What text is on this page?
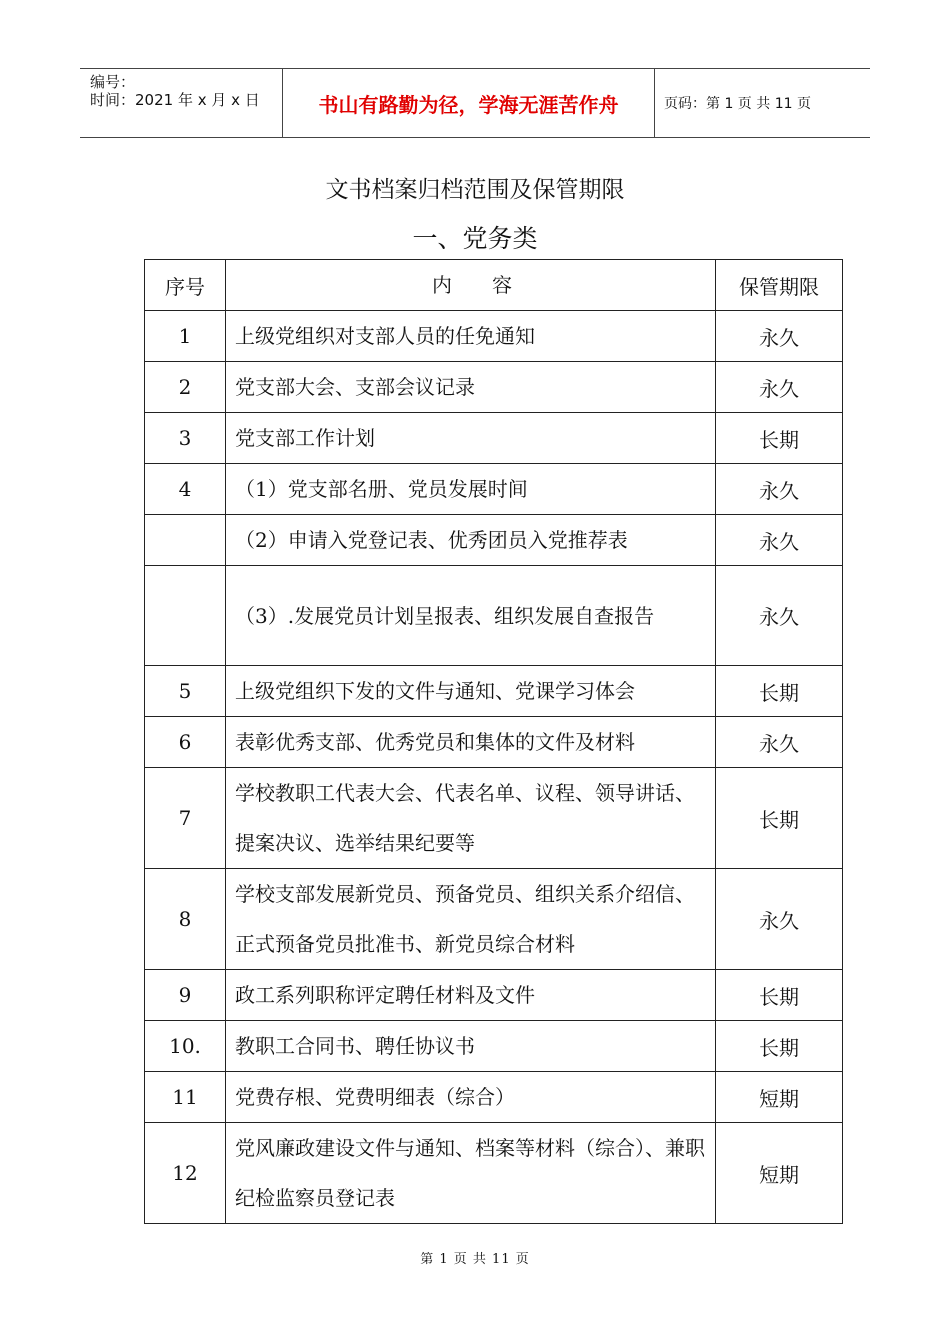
编号：
时间：2021 年 x 月 x 日	书山有路勤为径，学海无涯苦作舟	页码：第 1 页 共 11 页
文书档案归档范围及保管期限
一、党务类
序号	内　　容	保管期限
1	上级党组织对支部人员的任免通知	永久
2	党支部大会、支部会议记录	永久
3	党支部工作计划	长期
4	（1）党支部名册、党员发展时间	永久
	（2）申请入党登记表、优秀团员入党推荐表	永久
	（3）.发展党员计划呈报表、组织发展自查报告	永久
5	上级党组织下发的文件与通知、党课学习体会	长期
6	表彰优秀支部、优秀党员和集体的文件及材料	永久
7	学校教职工代表大会、代表名单、议程、领导讲话、提案决议、选举结果纪要等	长期
8	学校支部发展新党员、预备党员、组织关系介绍信、正式预备党员批准书、新党员综合材料	永久
9	政工系列职称评定聘任材料及文件	长期
10.	教职工合同书、聘任协议书	长期
11	党费存根、党费明细表（综合）	短期
12	党风廉政建设文件与通知、档案等材料（综合）、兼职纪检监察员登记表	短期
第 1 页 共 11 页
